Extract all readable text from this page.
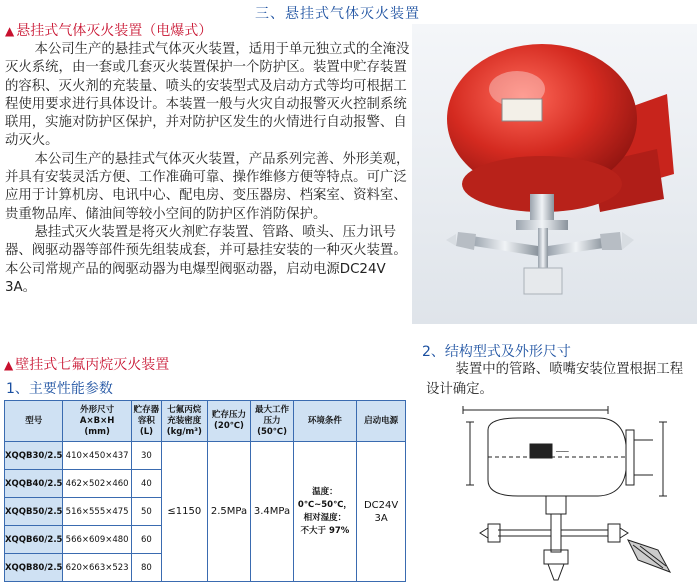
三、悬挂式气体灭火装置
▲ 悬挂式气体灭火装置（电爆式）

本公司生产的悬挂式气体灭火装置，适用于单元独立式的全淹没灭火系统，由一套或几套灭火装置保护一个防护区。装置中贮存装置的容积、灭火剂的充装量、喷头的安装型式及启动方式等均可根据工程使用要求进行具体设计。本装置一般与火灾自动报警灭火控制系统联用，实施对防护区保护，并对防护区发生的火情进行自动报警、自动灭火。

本公司生产的悬挂式气体灭火装置，产品系列完善、外形美观，并具有安装灵活方便、工作准确可靠、操作维修方便等特点。可广泛应用于计算机房、电讯中心、配电房、变压器房、档案室、资料室、贵重物品库、储油间等较小空间的防护区作消防保护。

悬挂式灭火装置是将灭火剂贮存装置、管路、喷头、压力讯号器、阀驱动器等部件预先组装成套，并可悬挂安装的一种灭火装置。本公司常规产品的阀驱动器为电爆型阀驱动器，启动电源DC24V 3A。

▲ 壁挂式七氟丙烷灭火装置
1、主要性能参数
型号	外形尺寸
A×B×H
(mm)	贮存器
容积
(L)	七氟丙烷
充装密度
(kg/m³)	贮存压力
(20℃)	最大工作
压力
(50℃)	环境条件	启动电源
XQQB30/2.5	410×450×437	30	≤1150	2.5MPa	3.4MPa	温度：
0℃~50℃，
相对湿度：
不大于 97%	DC24V
3A
XQQB40/2.5	462×502×460	40					
XQQB50/2.5	516×555×475	50					
XQQB60/2.5	566×609×480	60					
XQQB80/2.5	620×663×523	80					
2、结构型式及外形尺寸
装置中的管路、喷嘴安装位置根据工程设计确定。
───
